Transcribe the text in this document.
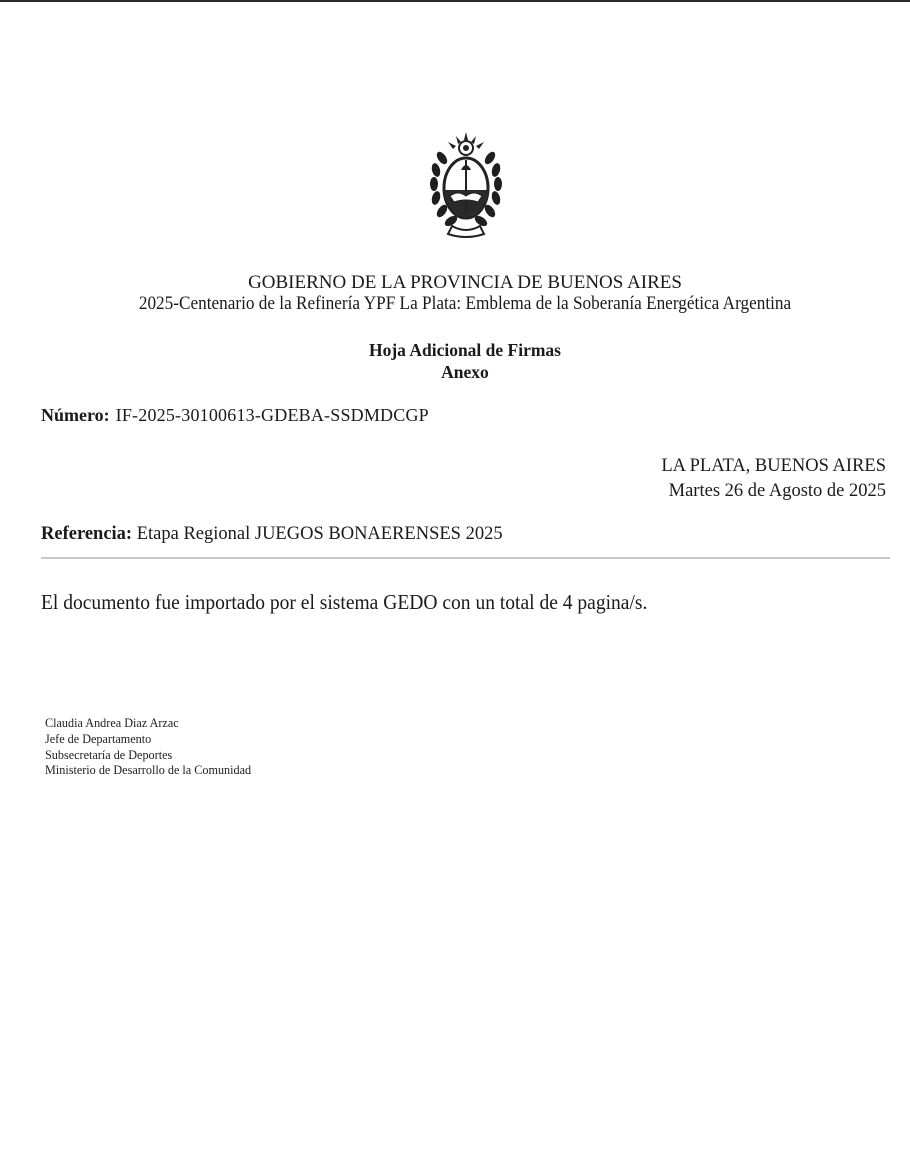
GOBIERNO DE LA PROVINCIA DE BUENOS AIRES
2025-Centenario de la Refinería YPF La Plata: Emblema de la Soberanía Energética Argentina
Hoja Adicional de Firmas
Anexo
Número: IF-2025-30100613-GDEBA-SSDMDCGP
LA PLATA, BUENOS AIRES
Martes 26 de Agosto de 2025
Referencia: Etapa Regional JUEGOS BONAERENSES 2025
El documento fue importado por el sistema GEDO con un total de 4 pagina/s.
Claudia Andrea Diaz Arzac
Jefe de Departamento
Subsecretaría de Deportes
Ministerio de Desarrollo de la Comunidad
